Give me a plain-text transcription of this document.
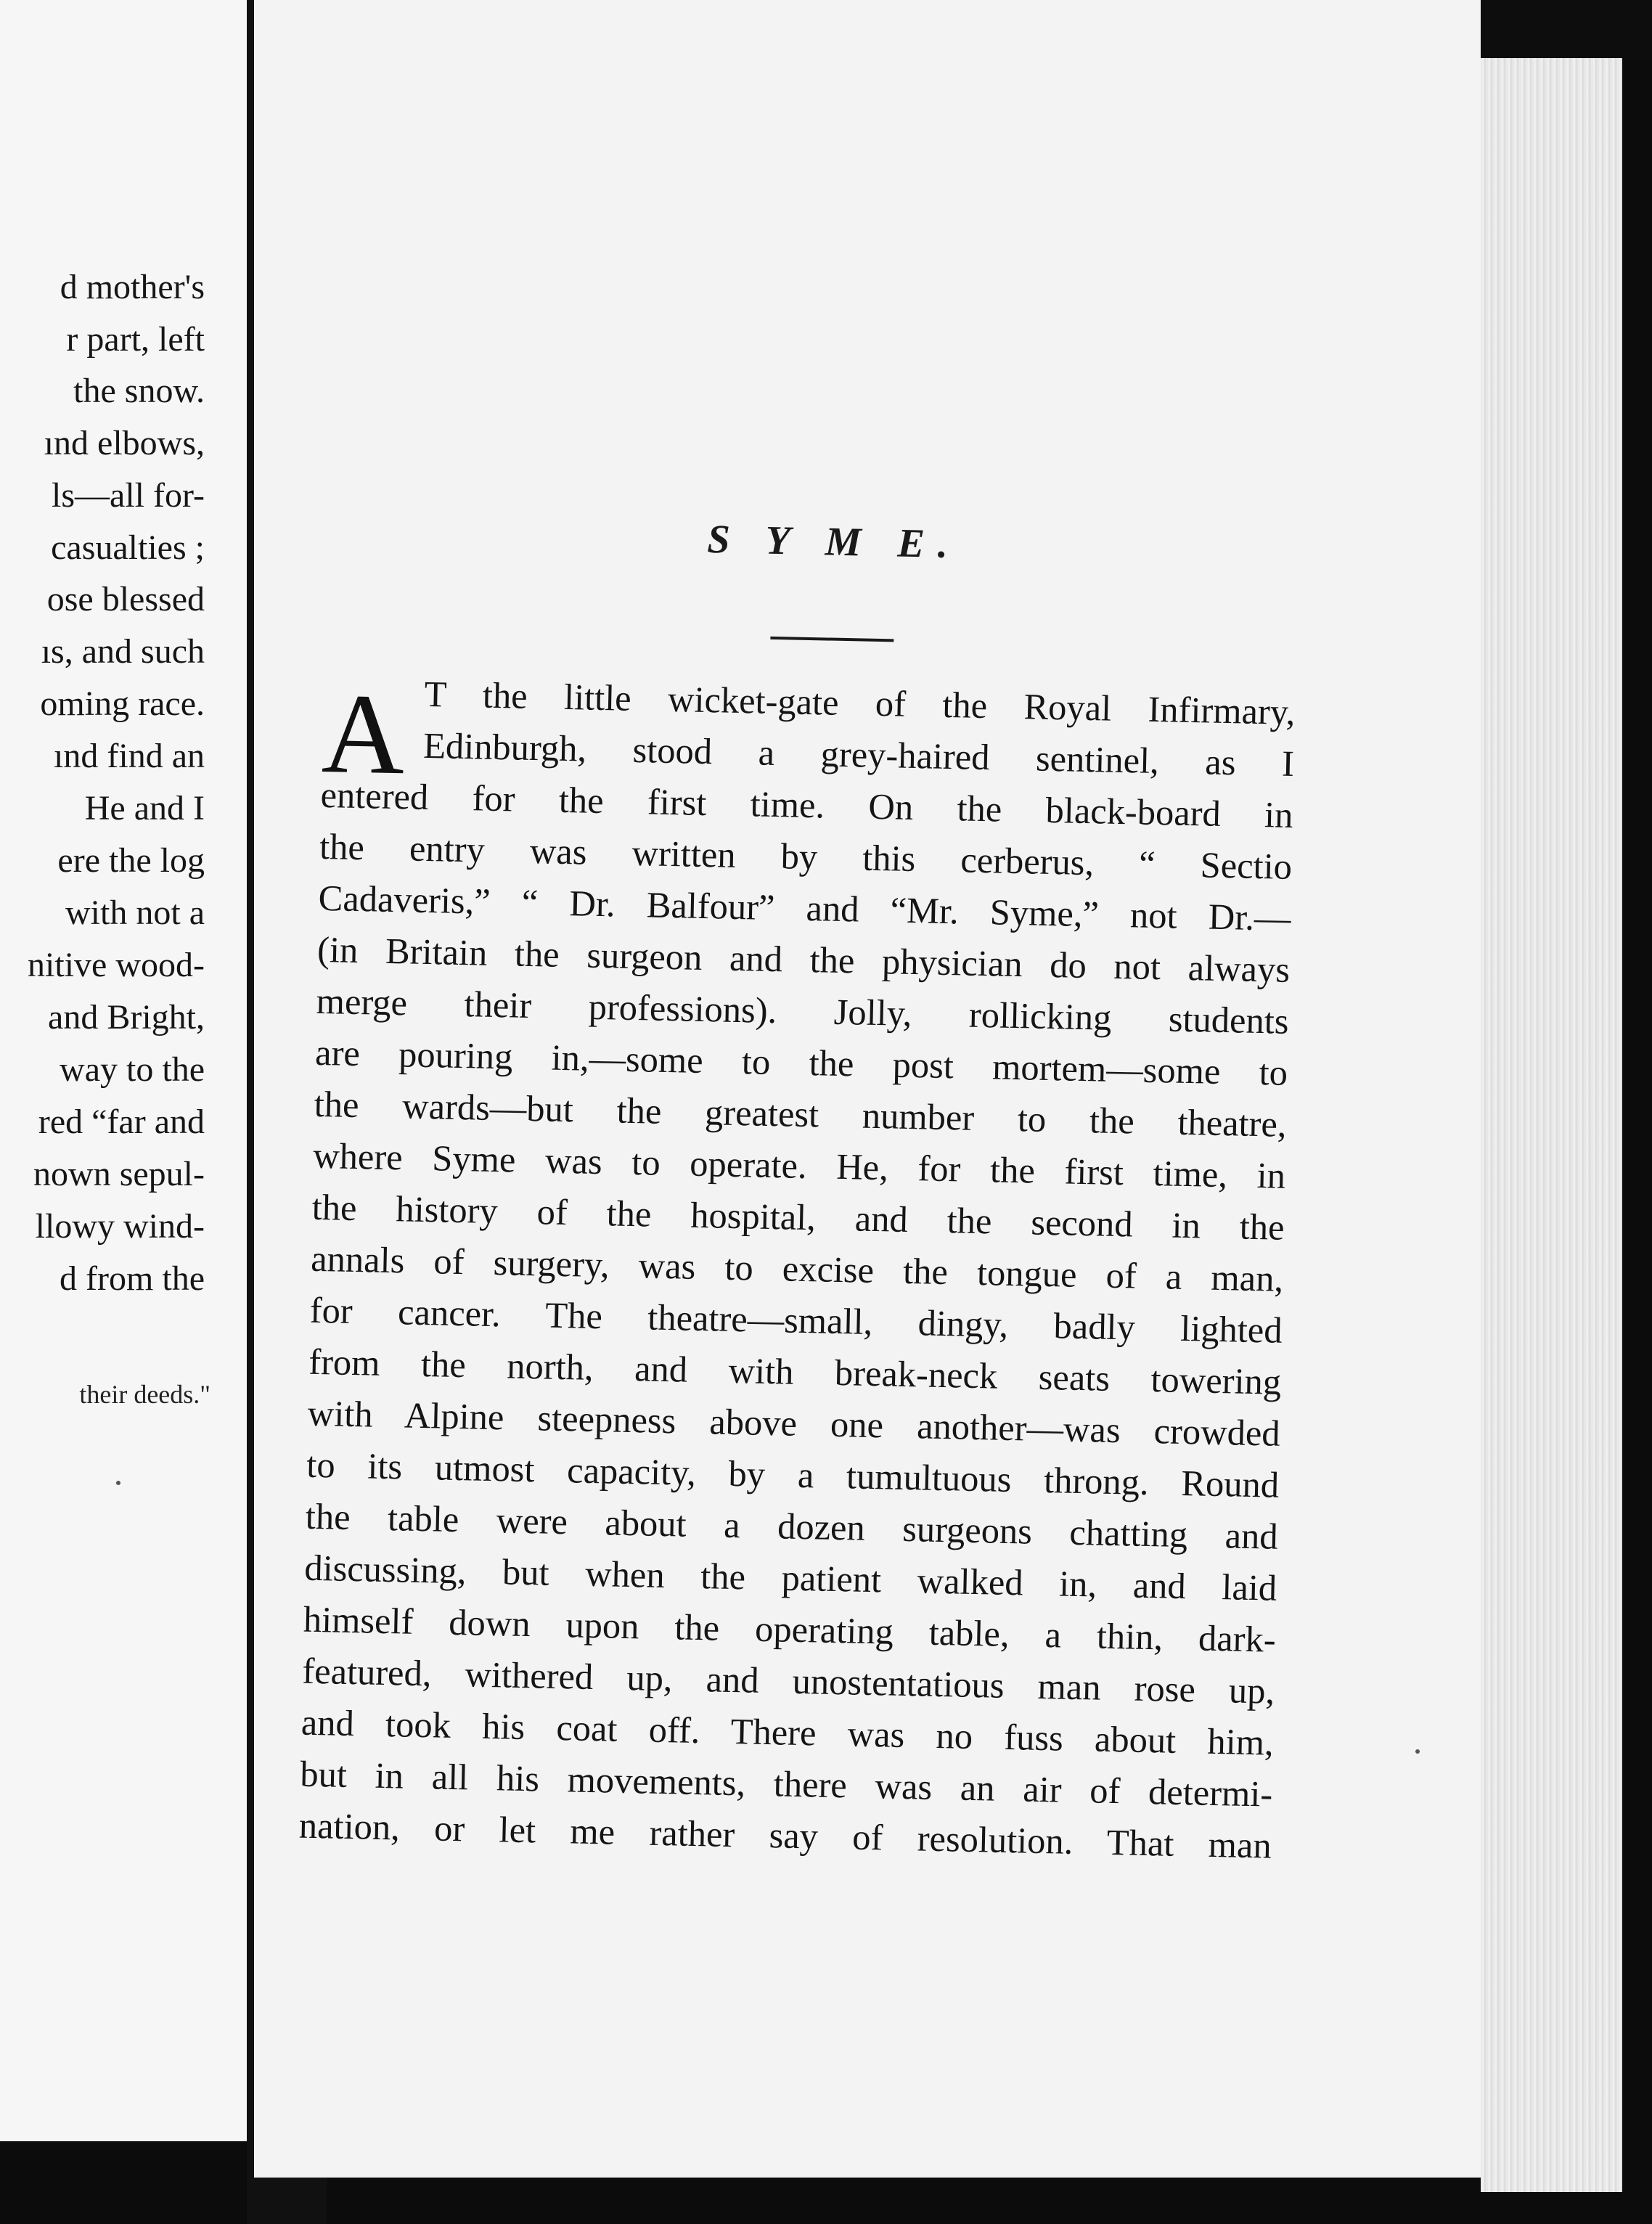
d mother's
r part, left
the snow.
ınd elbows,
ls—all for-
casualties ;
ose blessed
ıs, and such
oming race.
ınd find an
He and I
ere the log
with not a
nitive wood-
and Bright,
way to the
red “far and
nown sepul-
llowy wind-
d from the
their deeds."
S Y M E.
A T the little wicket-gate of the Royal Infirmary,
Edinburgh, stood a grey-haired sentinel, as I
entered for the first time. On the black-board in
the entry was written by this cerberus, “ Sectio
Cadaveris,” “ Dr. Balfour” and “Mr. Syme,” not Dr.—
(in Britain the surgeon and the physician do not always
merge their professions). Jolly, rollicking students
are pouring in,—some to the post mortem—some to
the wards—but the greatest number to the theatre,
where Syme was to operate. He, for the first time, in
the history of the hospital, and the second in the
annals of surgery, was to excise the tongue of a man,
for cancer. The theatre—small, dingy, badly lighted
from the north, and with break-neck seats towering
with Alpine steepness above one another—was crowded
to its utmost capacity, by a tumultuous throng. Round
the table were about a dozen surgeons chatting and
discussing, but when the patient walked in, and laid
himself down upon the operating table, a thin, dark-
featured, withered up, and unostentatious man rose up,
and took his coat off. There was no fuss about him,
but in all his movements, there was an air of determi-
nation, or let me rather say of resolution. That man
